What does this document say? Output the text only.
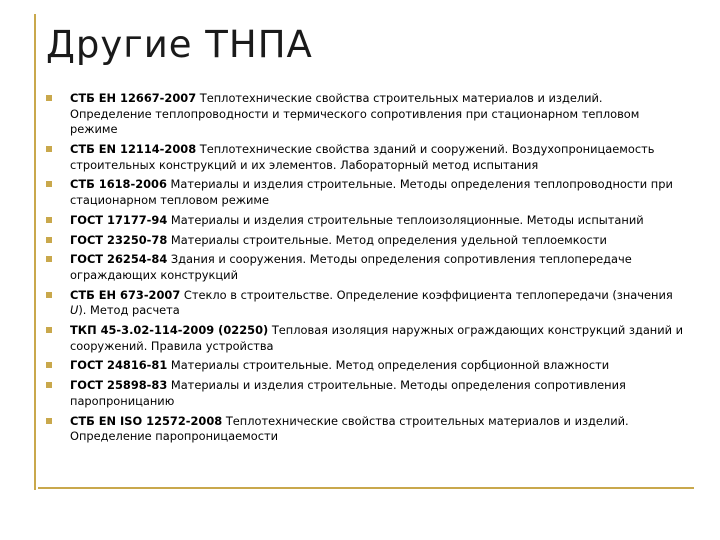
Другие ТНПА
СТБ ЕН 12667-2007 Теплотехнические свойства строительных материалов и изделий. Определение теплопроводности и термического сопротивления при стационарном тепловом режиме
СТБ EN 12114-2008 Теплотехнические свойства зданий и сооружений. Воздухопроницаемость строительных конструкций и их элементов. Лабораторный метод испытания
СТБ 1618-2006 Материалы и изделия строительные. Методы определения теплопроводности при стационарном тепловом режиме
ГОСТ 17177-94 Материалы и изделия строительные теплоизоляционные. Методы испытаний
ГОСТ 23250-78 Материалы строительные. Метод определения удельной теплоемкости
ГОСТ 26254-84 Здания и сооружения. Методы определения сопротивления теплопередаче ограждающих конструкций
СТБ ЕН 673-2007 Стекло в строительстве. Определение коэффициента теплопередачи (значения U). Метод расчета
ТКП 45-3.02-114-2009 (02250) Тепловая изоляция наружных ограждающих конструкций зданий и сооружений. Правила устройства
ГОСТ 24816-81 Материалы строительные. Метод определения сорбционной влажности
ГОСТ 25898-83 Материалы и изделия строительные. Методы определения сопротивления паропроницанию
СТБ EN ISO 12572-2008 Теплотехнические свойства строительных материалов и изделий. Определение паропроницаемости
